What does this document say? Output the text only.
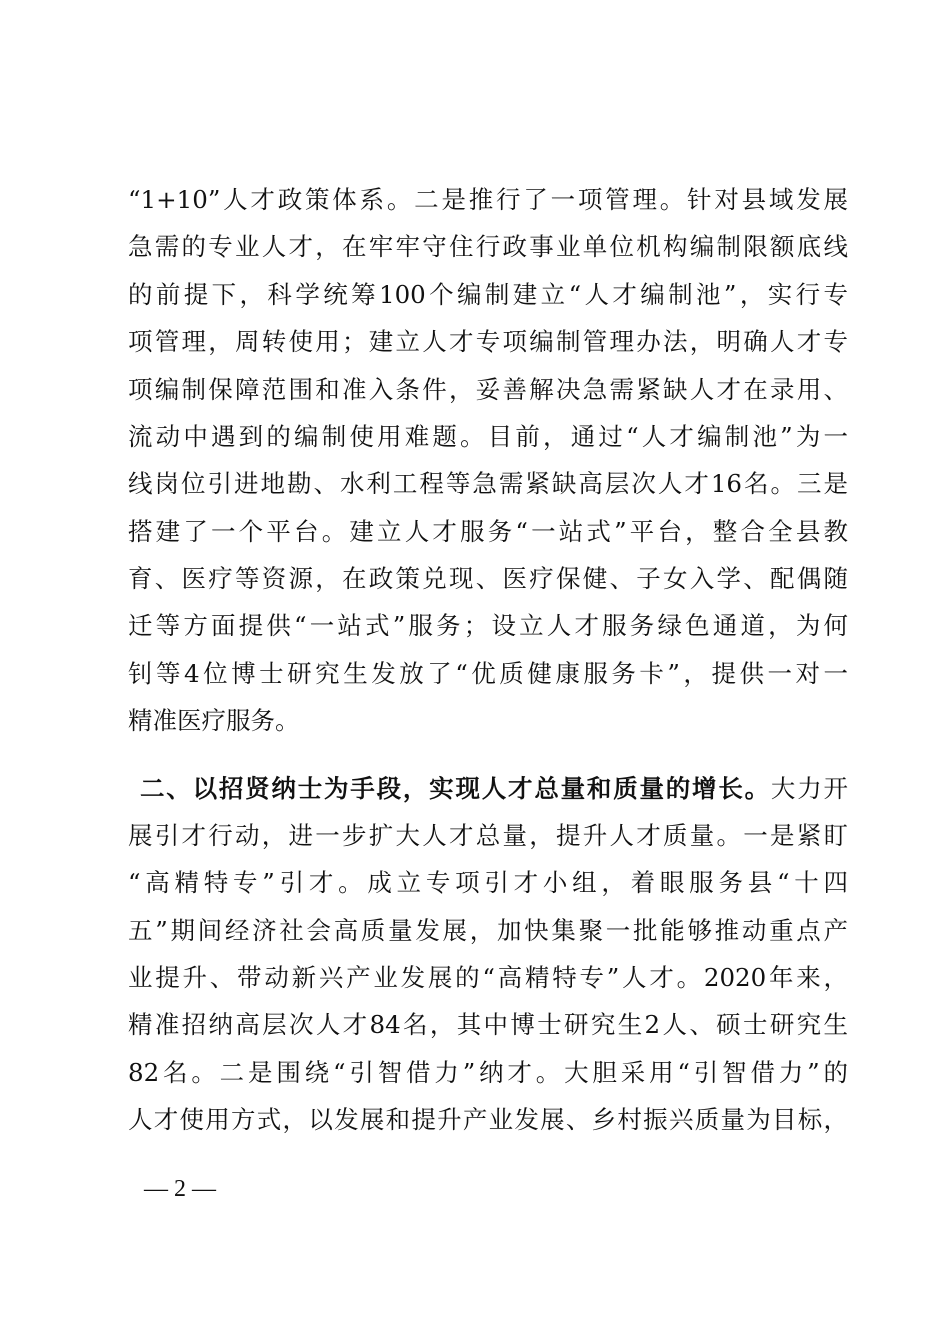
“1+10”人才政策体系。二是推行了一项管理。针对县域发展
急需的专业人才，在牢牢守住行政事业单位机构编制限额底线
的前提下，科学统筹100个编制建立“人才编制池”，实行专
项管理，周转使用；建立人才专项编制管理办法，明确人才专
项编制保障范围和准入条件，妥善解决急需紧缺人才在录用、
流动中遇到的编制使用难题。目前，通过“人才编制池”为一
线岗位引进地勘、水利工程等急需紧缺高层次人才16名。三是
搭建了一个平台。建立人才服务“一站式”平台，整合全县教
育、医疗等资源，在政策兑现、医疗保健、子女入学、配偶随
迁等方面提供“一站式”服务；设立人才服务绿色通道，为何
钊等4位博士研究生发放了“优质健康服务卡”，提供一对一
精准医疗服务。
二、以招贤纳士为手段，实现人才总量和质量的增长。大力开
展引才行动，进一步扩大人才总量，提升人才质量。一是紧盯
“高精特专”引才。成立专项引才小组，着眼服务县“十四
五”期间经济社会高质量发展，加快集聚一批能够推动重点产
业提升、带动新兴产业发展的“高精特专”人才。2020年来，
精准招纳高层次人才84名，其中博士研究生2人、硕士研究生
82名。二是围绕“引智借力”纳才。大胆采用“引智借力”的
人才使用方式，以发展和提升产业发展、乡村振兴质量为目标，
— 2 —
